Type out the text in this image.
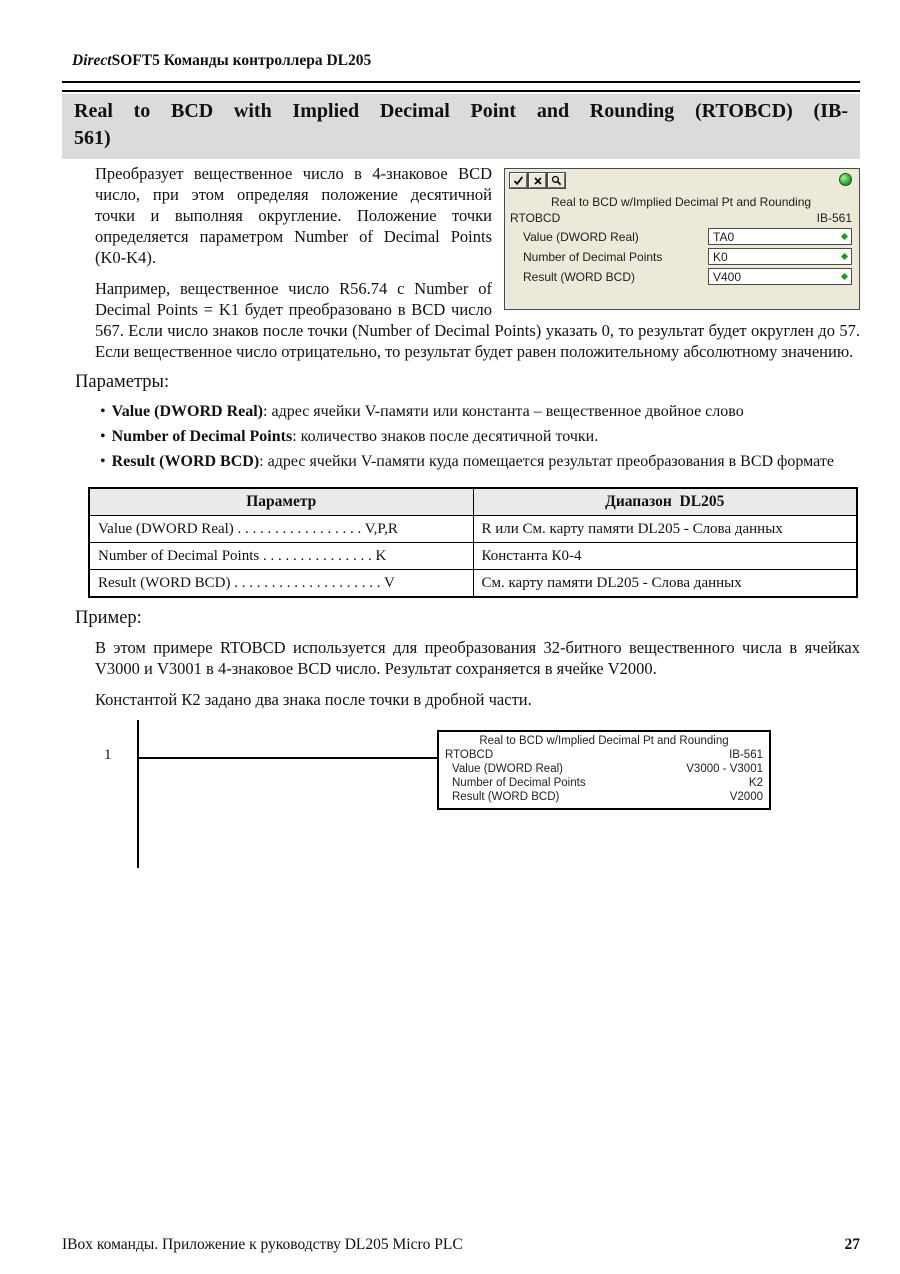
DirectSOFT5 Команды контроллера DL205
Real to BCD with Implied Decimal Point and Rounding (RTOBCD) (IB-
561)
Real to BCD w/Implied Decimal Pt and Rounding
RTOBCD	IB-561
Value (DWORD Real)	TA0
Number of Decimal Points	K0
Result (WORD BCD)	V400

Преобразует вещественное число в 4-знаковое BCD число, при этом определяя положение десятичной точки и выполняя округление. Положение точки определяется параметром Number of Decimal Points (K0-K4).

Например, вещественное число R56.74 с Number of Decimal Points = K1 будет преобразовано в BCD число 567. Если число знаков после точки (Number of Decimal Points) указать 0, то результат будет округлен до 57. Если вещественное число отрицательно, то результат будет равен положительному абсолютному значению.

Параметры:
• Value (DWORD Real): адрес ячейки V-памяти или константа – вещественное двойное слово
• Number of Decimal Points: количество знаков после десятичной точки.
• Result (WORD BCD): адрес ячейки V-памяти куда помещается результат преобразования в BCD формате
Параметр	Диапазон  DL205
Value (DWORD Real) . . . . . . . . . . . . . . . . . V,P,R	R или См. карту памяти DL205 - Слова данных
Number of Decimal Points . . . . . . . . . . . . . . . K	Константа К0-4
Result (WORD BCD) . . . . . . . . . . . . . . . . . . . . V	См. карту памяти DL205 - Слова данных
Пример:

В этом примере RTOBCD используется для преобразования 32-битного вещественного числа в ячейках V3000 и V3001 в 4-знаковое BCD число. Результат сохраняется в ячейке V2000.

Константой К2 задано два знака после точки в дробной части.

1
Real to BCD w/Implied Decimal Pt and Rounding
RTOBCD	IB-561
Value (DWORD Real)	V3000 - V3001
Number of Decimal Points	K2
Result (WORD BCD)	V2000
IBox команды. Приложение к руководству DL205 Micro PLC	27
